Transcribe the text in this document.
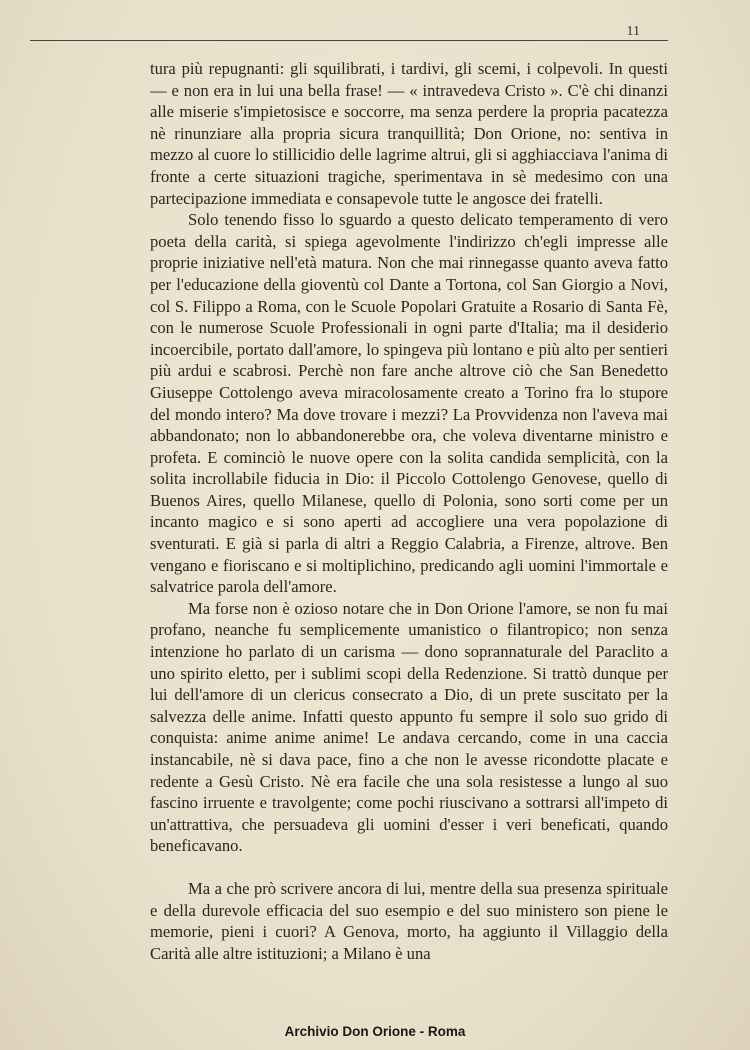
11

tura più repugnanti: gli squilibrati, i tardivi, gli scemi, i colpevoli. In questi — e non era in lui una bella frase! — « intravedeva Cristo ». C'è chi dinanzi alle miserie s'impietosisce e soccorre, ma senza perdere la propria pacatezza nè rinunziare alla propria sicura tranquillità; Don Orione, no: sentiva in mezzo al cuore lo stillicidio delle lagrime altrui, gli si agghiacciava l'anima di fronte a certe situazioni tragiche, sperimentava in sè medesimo con una partecipazione immediata e consapevole tutte le angosce dei fratelli.

Solo tenendo fisso lo sguardo a questo delicato temperamento di vero poeta della carità, si spiega agevolmente l'indirizzo ch'egli impresse alle proprie iniziative nell'età matura. Non che mai rinnegasse quanto aveva fatto per l'educazione della gioventù col Dante a Tortona, col San Giorgio a Novi, col S. Filippo a Roma, con le Scuole Popolari Gratuite a Rosario di Santa Fè, con le numerose Scuole Professionali in ogni parte d'Italia; ma il desiderio incoercibile, portato dall'amore, lo spingeva più lontano e più alto per sentieri più ardui e scabrosi. Perchè non fare anche altrove ciò che San Benedetto Giuseppe Cottolengo aveva miracolosamente creato a Torino fra lo stupore del mondo intero? Ma dove trovare i mezzi? La Provvidenza non l'aveva mai abbandonato; non lo abbandonerebbe ora, che voleva diventarne ministro e profeta. E cominciò le nuove opere con la solita candida semplicità, con la solita incrollabile fiducia in Dio: il Piccolo Cottolengo Genovese, quello di Buenos Aires, quello Milanese, quello di Polonia, sono sorti come per un incanto magico e si sono aperti ad accogliere una vera popolazione di sventurati. E già si parla di altri a Reggio Calabria, a Firenze, altrove. Ben vengano e fioriscano e si moltiplichino, predicando agli uomini l'immortale e salvatrice parola dell'amore.

Ma forse non è ozioso notare che in Don Orione l'amore, se non fu mai profano, neanche fu semplicemente umanistico o filantropico; non senza intenzione ho parlato di un carisma — dono soprannaturale del Paraclito a uno spirito eletto, per i sublimi scopi della Redenzione. Si trattò dunque per lui dell'amore di un clericus consecrato a Dio, di un prete suscitato per la salvezza delle anime. Infatti questo appunto fu sempre il solo suo grido di conquista: anime anime anime! Le andava cercando, come in una caccia instancabile, nè si dava pace, fino a che non le avesse ricondotte placate e redente a Gesù Cristo. Nè era facile che una sola resistesse a lungo al suo fascino irruente e travolgente; come pochi riuscivano a sottrarsi all'impeto di un'attrattiva, che persuadeva gli uomini d'esser i veri beneficati, quando beneficavano.

Ma a che prò scrivere ancora di lui, mentre della sua presenza spirituale e della durevole efficacia del suo esempio e del suo ministero son piene le memorie, pieni i cuori? A Genova, morto, ha aggiunto il Villaggio della Carità alle altre istituzioni; a Milano è una

Archivio Don Orione - Roma
